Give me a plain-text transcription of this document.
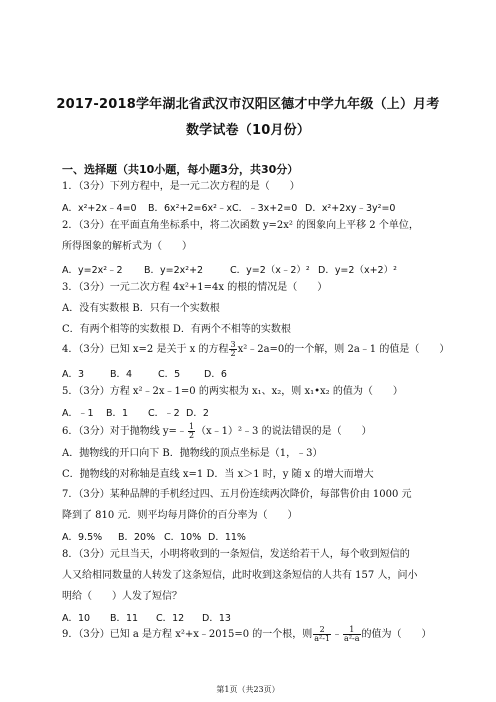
2017-2018学年湖北省武汉市汉阳区德才中学九年级（上）月考
数学试卷（10月份）
一、选择题（共10小题，每小题3分，共30分）
1．（3分）下列方程中，是一元二次方程的是（　　）
A．x²+2x﹣4=0 B．6x²+2=6x²﹣x C．﹣3x+2=0 D．x²+2xy﹣3y²=0
2．（3分）在平面直角坐标系中，将二次函数 y=2x² 的图象向上平移 2 个单位，
所得图象的解析式为（　　）
A．y=2x²﹣2 B．y=2x²+2	C．y=2（x﹣2）² D．y=2（x+2）²
3．（3分）一元二次方程 4x²+1=4x 的根的情况是（　　）
A．没有实数根 B．只有一个实数根
C．有两个相等的实数根 D．有两个不相等的实数根
4．（3分）已知 x=2 是关于 x 的方程 $\frac{3}{2}$ x²﹣2a=0的一个解，则 2a﹣1 的值是（　　）
A．3	B．4	C．5	D．6
5．（3分）方程 x²﹣2x﹣1=0 的两实根为 x₁、x₂，则 x₁•x₂ 的值为（　　）
A．﹣1 B．1 C．﹣2 D．2
6．（3分）对于抛物线 y=﹣ $\frac{1}{2}$ （x﹣1）²﹣3 的说法错误的是（　　）
A．抛物线的开口向下 B．抛物线的顶点坐标是（1，﹣3）
C．抛物线的对称轴是直线 x=1 D．当 x＞1 时，y 随 x 的增大而增大
7．（3分）某种品牌的手机经过四、五月份连续两次降价，每部售价由 1000 元
降到了 810 元．则平均每月降价的百分率为（　　）
A．9.5% B．20% C．10% D．11%
8．（3分）元旦当天，小明将收到的一条短信，发送给若干人，每个收到短信的
人又给相同数量的人转发了这条短信，此时收到这条短信的人共有 157 人，问小
明给（　　）人发了短信？
A．10 B．11 C．12 D．13
9．（3分）已知 a 是方程 x²+x﹣2015=0 的一个根，则 $\frac{2}{\text{a²-1}}$ ﹣ $\frac{1}{\text{a²-a}}$ 的值为（　　）
第1页（共23页）
